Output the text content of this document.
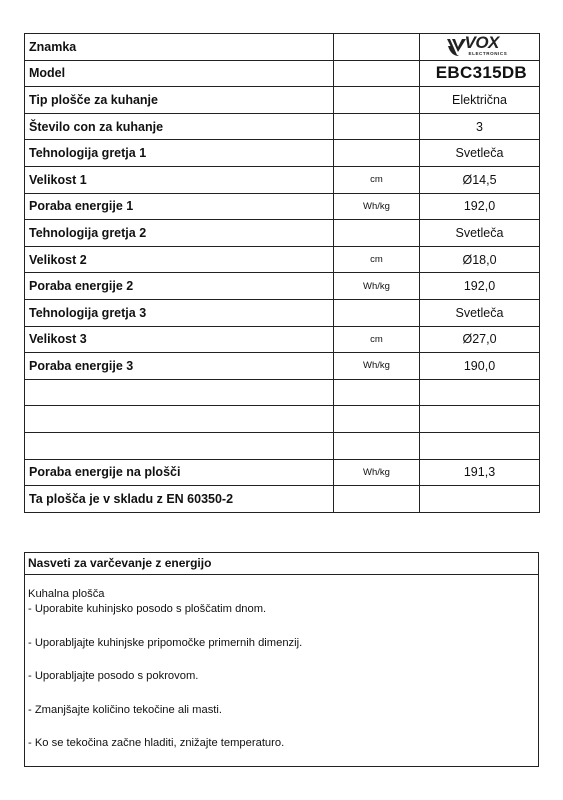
Znamka		VOX
ELECTRONICS

Model		EBC315DB
Tip plošče za kuhanje		Električna
Število con za kuhanje		3
Tehnologija gretja 1		Svetleča
Velikost 1	cm	Ø14,5
Poraba energije 1	Wh/kg	192,0
Tehnologija gretja 2		Svetleča
Velikost 2	cm	Ø18,0
Poraba energije 2	Wh/kg	192,0
Tehnologija gretja 3		Svetleča
Velikost 3	cm	Ø27,0
Poraba energije 3	Wh/kg	190,0

Poraba energije na plošči	Wh/kg	191,3
Ta plošča je v skladu z EN 60350-2		
Nasveti za varčevanje z energijo
Kuhalna plošča
- Uporabite kuhinjsko posodo s ploščatim dnom.
- Uporabljajte kuhinjske pripomočke primernih dimenzij.
- Uporabljajte posodo s pokrovom.
- Zmanjšajte količino tekočine ali masti.
- Ko se tekočina začne hladiti, znižajte temperaturo.
